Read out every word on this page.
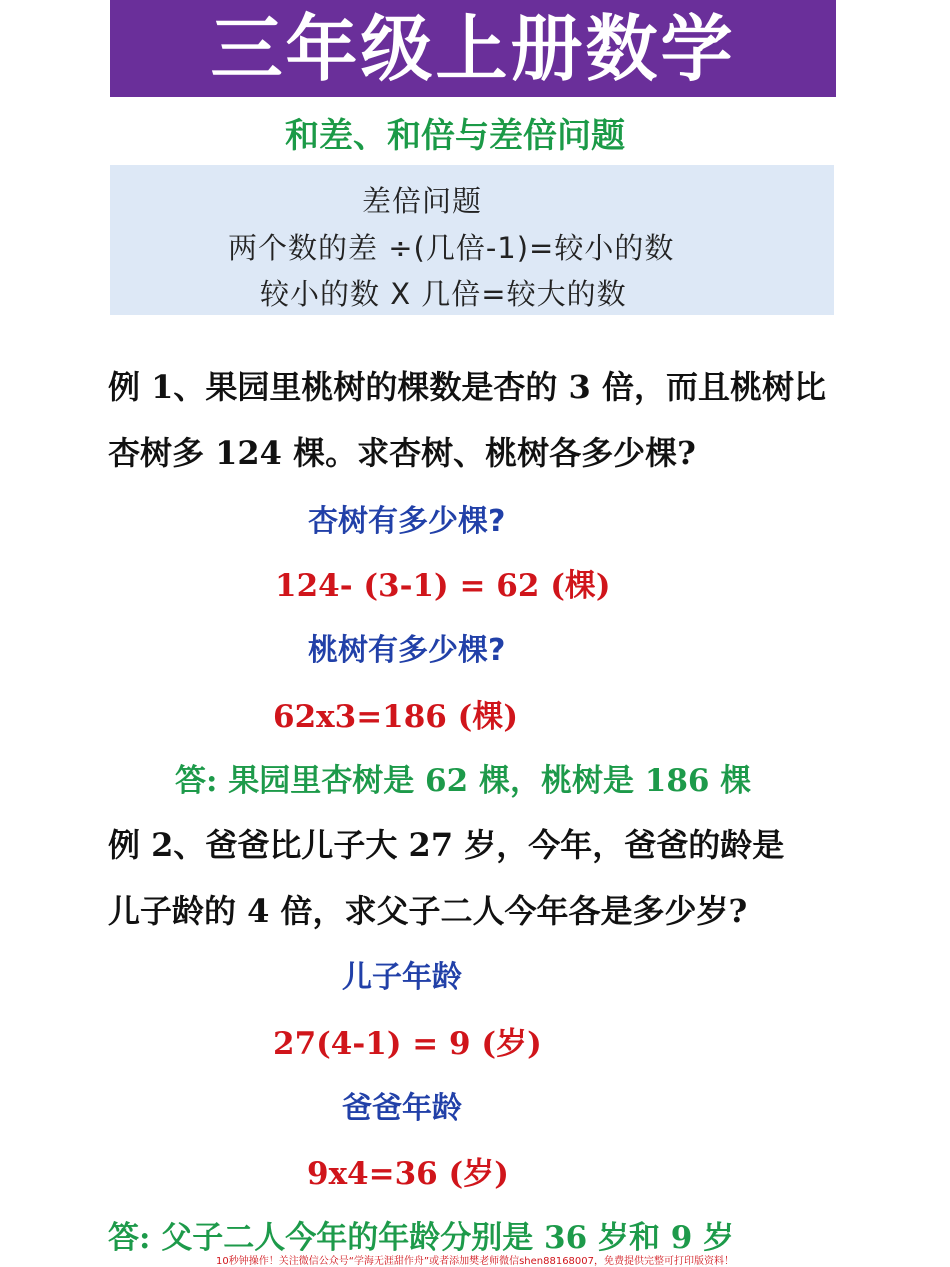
三年级上册数学
和差、和倍与差倍问题
差倍问题
两个数的差 ÷(几倍-1)=较小的数
较小的数 X 几倍=较大的数
例 1、果园里桃树的棵数是杏的 3 倍，而且桃树比
杏树多 124 棵。求杏树、桃树各多少棵?
杏树有多少棵?
124- (3-1) = 62 (棵)
桃树有多少棵?
62x3=186 (棵)
答: 果园里杏树是 62 棵，桃树是 186 棵
例 2、爸爸比儿子大 27 岁，今年，爸爸的龄是
儿子龄的 4 倍，求父子二人今年各是多少岁?
儿子年龄
27(4-1) = 9 (岁)
爸爸年龄
9x4=36 (岁)
答: 父子二人今年的年龄分别是 36 岁和 9 岁
10秒钟操作！关注微信公众号“学海无涯甜作舟”或者添加樊老师微信shen88168007，免费提供完整可打印版资料！
